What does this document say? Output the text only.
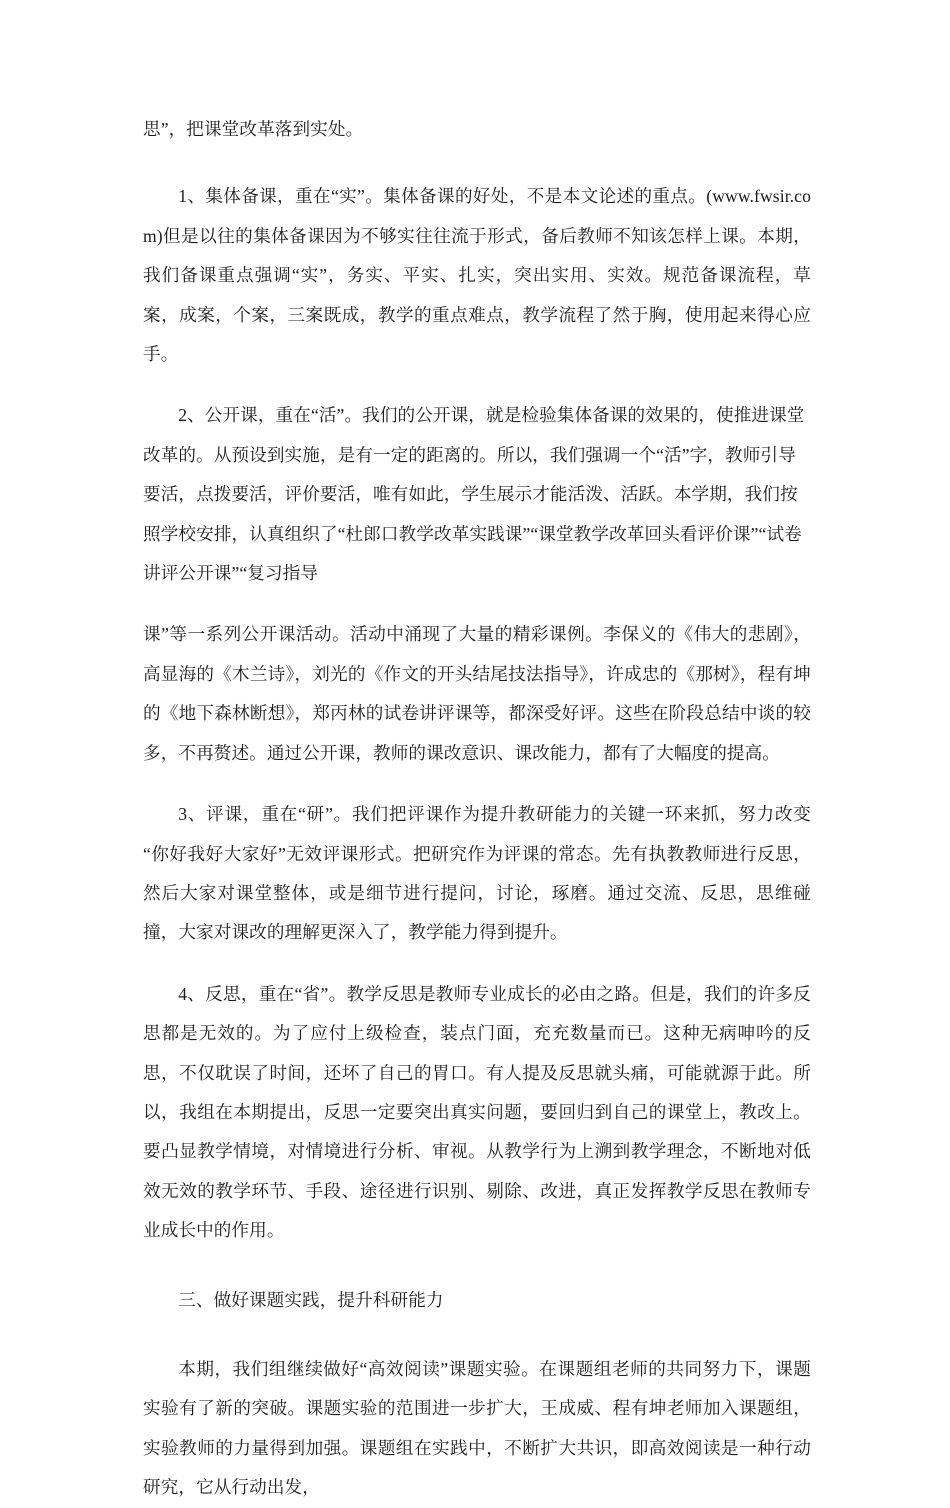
思”，把课堂改革落到实处。

1、集体备课，重在“实”。集体备课的好处，不是本文论述的重点。(www.fwsir.com)但是以往的集体备课因为不够实往往流于形式，备后教师不知该怎样上课。本期，我们备课重点强调“实”，务实、平实、扎实，突出实用、实效。规范备课流程，草案，成案，个案，三案既成，教学的重点难点，教学流程了然于胸，使用起来得心应手。

2、公开课，重在“活”。我们的公开课，就是检验集体备课的效果的，使推进课堂改革的。从预设到实施，是有一定的距离的。所以，我们强调一个“活”字，教师引导要活，点拨要活，评价要活，唯有如此，学生展示才能活泼、活跃。本学期，我们按照学校安排，认真组织了“杜郎口教学改革实践课”“课堂教学改革回头看评价课”“试卷讲评公开课”“复习指导

课”等一系列公开课活动。活动中涌现了大量的精彩课例。李保义的《伟大的悲剧》，高显海的《木兰诗》，刘光的《作文的开头结尾技法指导》，许成忠的《那树》，程有坤的《地下森林断想》，郑丙林的试卷讲评课等，都深受好评。这些在阶段总结中谈的较多，不再赘述。通过公开课，教师的课改意识、课改能力，都有了大幅度的提高。

3、评课，重在“研”。我们把评课作为提升教研能力的关键一环来抓，努力改变“你好我好大家好”无效评课形式。把研究作为评课的常态。先有执教教师进行反思，然后大家对课堂整体，或是细节进行提问，讨论，琢磨。通过交流、反思，思维碰撞，大家对课改的理解更深入了，教学能力得到提升。

4、反思，重在“省”。教学反思是教师专业成长的必由之路。但是，我们的许多反思都是无效的。为了应付上级检查，装点门面，充充数量而已。这种无病呻吟的反思，不仅耽误了时间，还坏了自己的胃口。有人提及反思就头痛，可能就源于此。所以，我组在本期提出，反思一定要突出真实问题，要回归到自己的课堂上，教改上。要凸显教学情境，对情境进行分析、审视。从教学行为上溯到教学理念，不断地对低效无效的教学环节、手段、途径进行识别、剔除、改进，真正发挥教学反思在教师专业成长中的作用。

三、做好课题实践，提升科研能力

本期，我们组继续做好“高效阅读”课题实验。在课题组老师的共同努力下，课题实验有了新的突破。课题实验的范围进一步扩大，王成威、程有坤老师加入课题组，实验教师的力量得到加强。课题组在实践中，不断扩大共识，即高效阅读是一种行动研究，它从行动出发，
